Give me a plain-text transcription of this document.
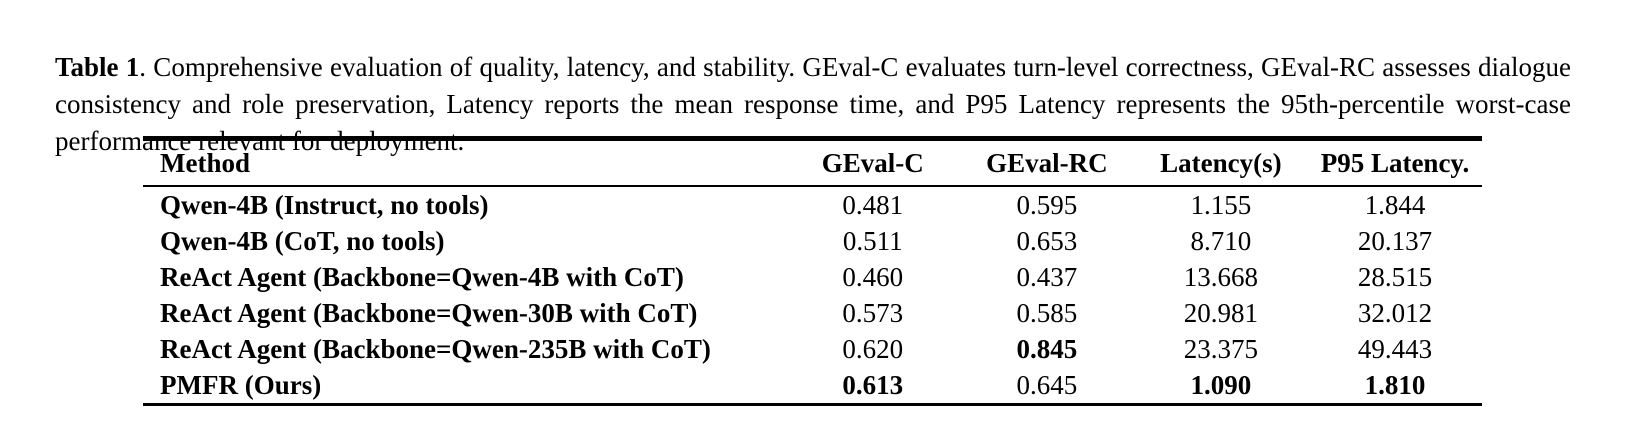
Table 1. Comprehensive evaluation of quality, latency, and stability. GEval-C evaluates turn-level correctness, GEval-RC assesses dialogue consistency and role preservation, Latency reports the mean response time, and P95 Latency represents the 95th-percentile worst-case performance relevant for deployment.

Method	GEval-C	GEval-RC	Latency(s)	P95 Latency.
Qwen-4B (Instruct, no tools)	0.481	0.595	1.155	1.844
Qwen-4B (CoT, no tools)	0.511	0.653	8.710	20.137
ReAct Agent (Backbone=Qwen-4B with CoT)	0.460	0.437	13.668	28.515
ReAct Agent (Backbone=Qwen-30B with CoT)	0.573	0.585	20.981	32.012
ReAct Agent (Backbone=Qwen-235B with CoT)	0.620	0.845	23.375	49.443
PMFR (Ours)	0.613	0.645	1.090	1.810
